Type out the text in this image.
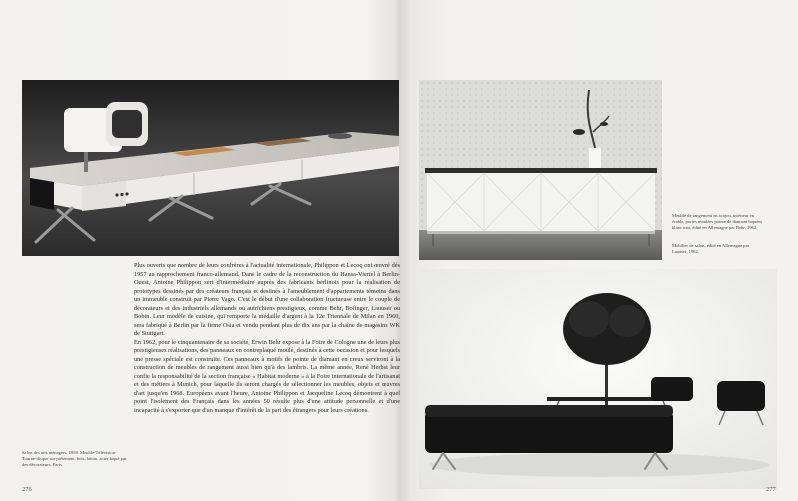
Plus ouverts que nombre de leurs confrères à l'actualité internationale, Philippon et Lecoq ont œuvré dès 1957 au rapprochement franco-allemand. Dans le cadre de la reconstruction du Hansa-Viertel à Berlin-Ouest, Antoine Philippon sert d'intermédiaire auprès des fabricants berlinois pour la réalisation de prototypes dessinés par des créateurs français et destinés à l'ameublement d'appartements témoins dans un immeuble construit par Pierre Vago. C'est le début d'une collaboration fructueuse entre le couple de décorateurs et des industriels allemands ou autrichiens prestigieux, comme Behr, Bofinger, Lauuser ou Bobin. Leur modèle de cuisine, qui remporte la médaille d'argent à la 12e Triennale de Milan en 1960, sera fabriqué à Berlin par la firme Osia et vendu pendant plus de dix ans par la chaîne de magasins WK de Stuttgart.

En 1962, pour le cinquantenaire de sa société, Erwin Behr expose à la Foire de Cologne une de leurs plus prestigieuses réalisations, des panneaux en contreplaqué moulé, destinés à cette occasion et pour lesquels une presse spéciale est construite. Ces panneaux à motifs de pointe de diamant en creux serviront à la construction de meubles de rangement aussi bien qu'à des lambris. La même année, René Herbst leur confie la responsabilité de la section française « Habitat moderne » à la Foire internationale de l'artisanat et des métiers à Munich, pour laquelle ils seront chargés de sélectionner les meubles, objets et œuvres d'art jusqu'en 1968. Européens avant l'heure, Antoine Philippon et Jacqueline Lecoq démontrent à quel point l'isolement des Français dans les années 50 résulte plus d'une attitude personnelle et d'une incapacité à s'exporter que d'un manque d'intérêt de la part des étrangers pour leurs créations.

Salon des arts ménagers, 1958. Meuble-Télévision-Tourne-disque sur piétement, bois, laiton, acier laqué par des décorateurs, Paris.
Meuble de rangement en acajou, intérieur en érable, portes moulées pointe de diamant laquées blanc mat, édité en Allemagne par Behr, 1962.
Mobilier de salon, édité en Allemagne par Laauser, 1962.
276	277
